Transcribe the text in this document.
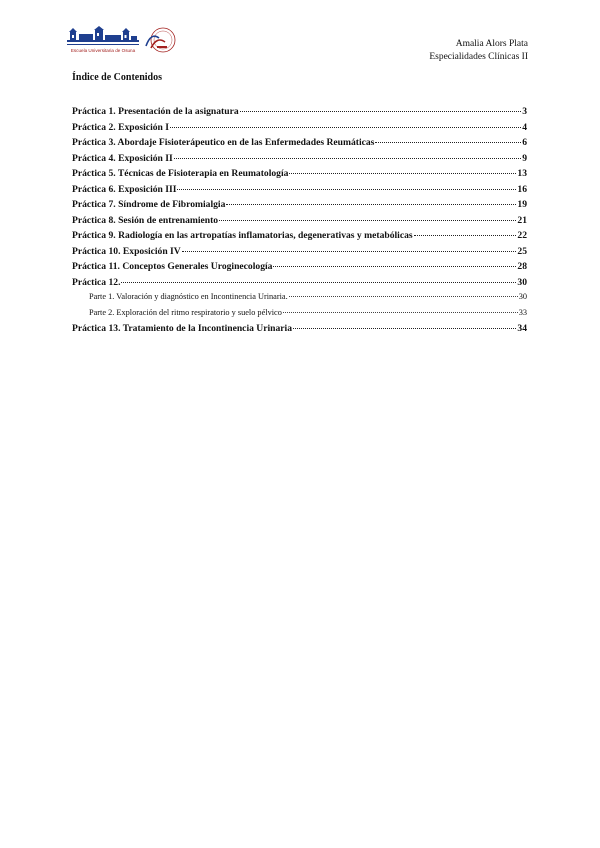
Escuela Universitaria de Osuna
Amalia Alors Plata
Especialidades Clínicas II
Índice de Contenidos
Práctica 1. Presentación de la asignatura	3
Práctica 2. Exposición I	4
Práctica 3. Abordaje Fisioterápeutico en de las Enfermedades Reumáticas	6
Práctica 4. Exposición II	9
Práctica 5. Técnicas de Fisioterapia en Reumatología	13
Práctica 6. Exposición III	16
Práctica 7. Síndrome de Fibromialgia	19
Práctica 8. Sesión de entrenamiento	21
Práctica 9. Radiología en las artropatías inflamatorias, degenerativas y metabólicas	22
Práctica 10. Exposición IV	25
Práctica 11. Conceptos Generales Uroginecología	28
Práctica 12.	30
Parte 1. Valoración y diagnóstico en Incontinencia Urinaria.	30
Parte 2. Exploración del ritmo respiratorio y suelo pélvico	33
Práctica 13. Tratamiento de la Incontinencia Urinaria	34
